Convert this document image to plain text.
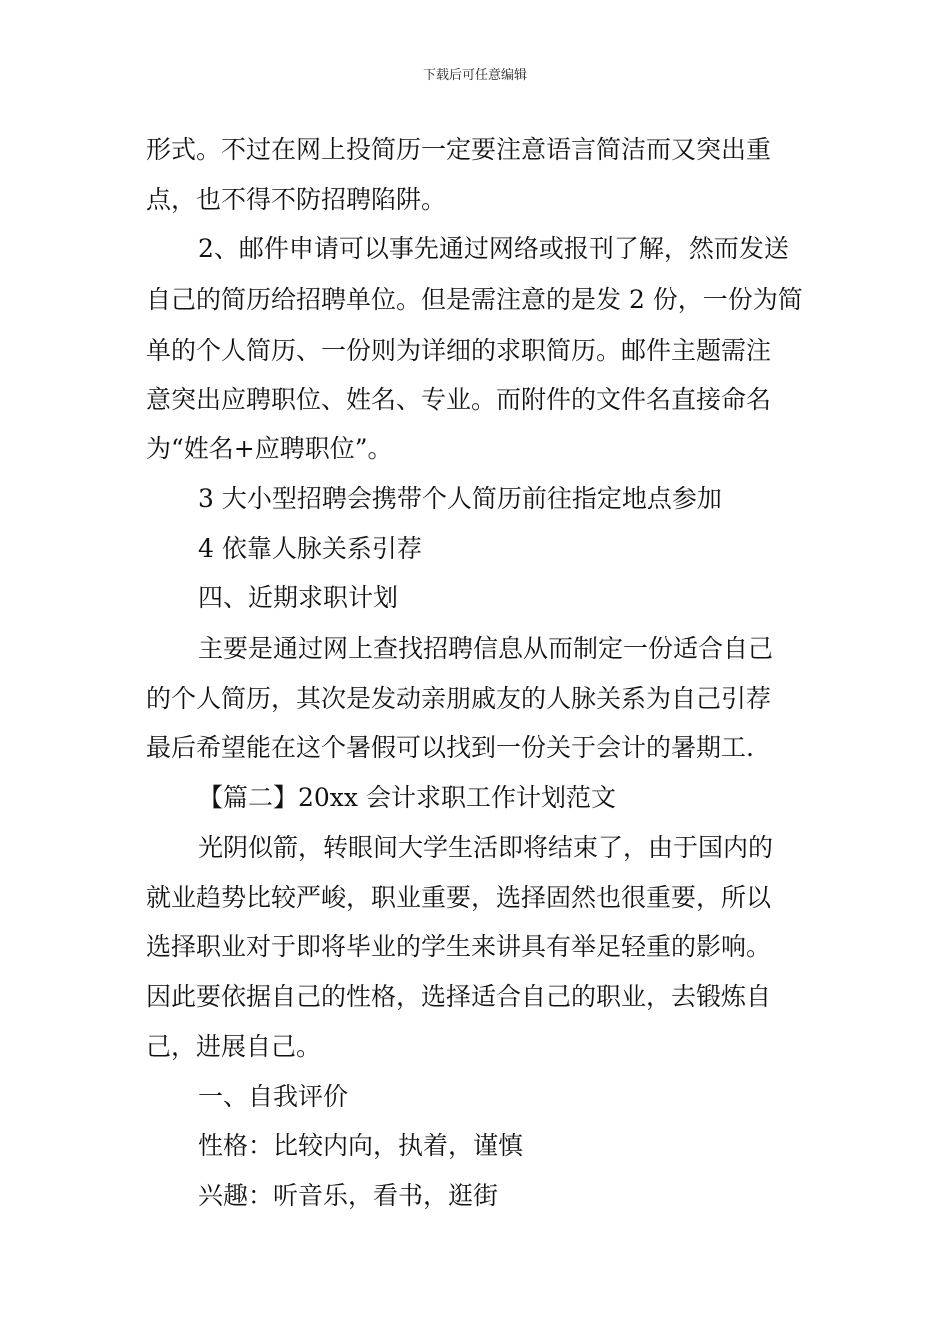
下载后可任意编辑
形式。不过在网上投简历一定要注意语言简洁而又突出重
点，也不得不防招聘陷阱。
2、邮件申请可以事先通过网络或报刊了解，然而发送
自己的简历给招聘单位。但是需注意的是发 2 份，一份为简
单的个人简历、一份则为详细的求职简历。邮件主题需注
意突出应聘职位、姓名、专业。而附件的文件名直接命名
为“姓名+应聘职位”。
3 大小型招聘会携带个人简历前往指定地点参加
4 依靠人脉关系引荐
四、近期求职计划
主要是通过网上查找招聘信息从而制定一份适合自己
的个人简历，其次是发动亲朋戚友的人脉关系为自己引荐
最后希望能在这个暑假可以找到一份关于会计的暑期工.
【篇二】20xx 会计求职工作计划范文
光阴似箭，转眼间大学生活即将结束了，由于国内的
就业趋势比较严峻，职业重要，选择固然也很重要，所以
选择职业对于即将毕业的学生来讲具有举足轻重的影响。
因此要依据自己的性格，选择适合自己的职业，去锻炼自
己，进展自己。
一、自我评价
性格：比较内向，执着，谨慎
兴趣：听音乐，看书，逛街
